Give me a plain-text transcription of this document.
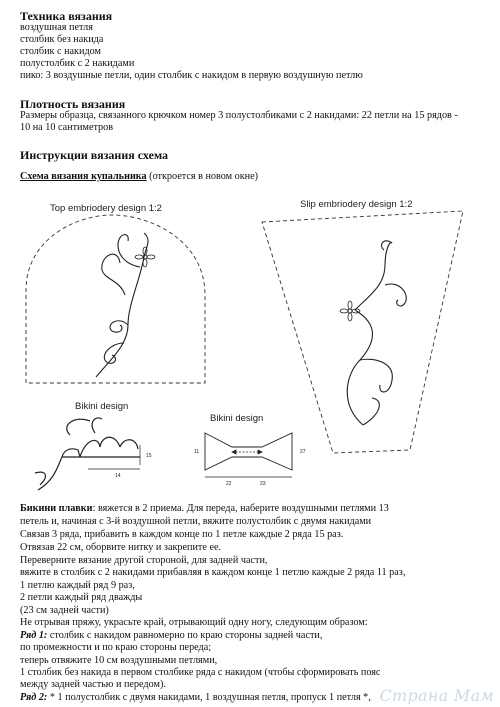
Техника вязания
воздушная петля
столбик без накида
столбик с накидом
полустолбик с 2 накидами
пико: 3 воздушные петли, один столбик с накидом в первую воздушную петлю
Плотность вязания
Размеры образца, связанного крючком номер 3 полустолбиками с 2 накидами: 22 петли на 15 рядов -
10 на 10 сантиметров
Инструкции вязания схема
Схема вязания купальника (откроется в новом окне)
Top embriodery design 1:2	Slip embriodery design 1:2
Bikini design
14
15
Bikini design
11	27
22	23
Бикини плавки: вяжется в 2 приема. Для переда, наберите воздушными петлями 13
петель и, начиная с 3-й воздушной петли, вяжите полустолбик с двумя накидами
Связав 3 ряда, прибавить в каждом конце по 1 петле каждые 2 ряда 15 раз.
Отвязав 22 см, оборвите нитку и закрепите ее.
Переверните вязание другой стороной, для задней части,
вяжите в столбик с 2 накидами прибавляя в каждом конце 1 петлю каждые 2 ряда 11 раз,
1 петлю каждый ряд 9 раз,
2 петли каждый ряд дважды
(23 см задней части)
Не отрывая пряжу, украсьте край, отрывающий одну ногу, следующим образом:
Ряд 1: столбик с накидом равномерно по краю стороны задней части,
по промежности и по краю стороны переда;
теперь отвяжите 10 см воздушными петлями,
1 столбик без накида в первом столбике ряда с накидом (чтобы сформировать пояс
между задней частью и передом).
Ряд 2: * 1 полустолбик с двумя накидами, 1 воздушная петля, пропуск 1 петля *, Страна Мам
